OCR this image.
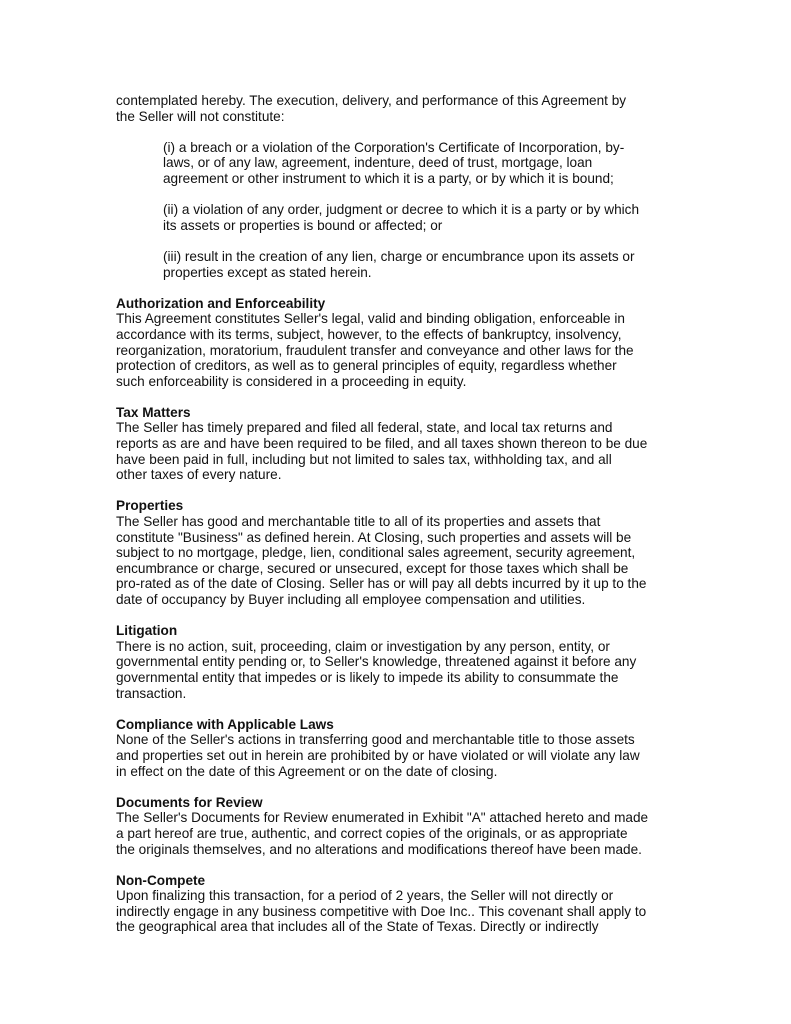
contemplated hereby. The execution, delivery, and performance of this Agreement by
the Seller will not constitute:

(i) a breach or a violation of the Corporation's Certificate of Incorporation, by-
laws, or of any law, agreement, indenture, deed of trust, mortgage, loan
agreement or other instrument to which it is a party, or by which it is bound;

(ii) a violation of any order, judgment or decree to which it is a party or by which
its assets or properties is bound or affected; or

(iii) result in the creation of any lien, charge or encumbrance upon its assets or
properties except as stated herein.

Authorization and Enforceability

This Agreement constitutes Seller's legal, valid and binding obligation, enforceable in
accordance with its terms, subject, however, to the effects of bankruptcy, insolvency,
reorganization, moratorium, fraudulent transfer and conveyance and other laws for the
protection of creditors, as well as to general principles of equity, regardless whether
such enforceability is considered in a proceeding in equity.

Tax Matters

The Seller has timely prepared and filed all federal, state, and local tax returns and
reports as are and have been required to be filed, and all taxes shown thereon to be due
have been paid in full, including but not limited to sales tax, withholding tax, and all
other taxes of every nature.

Properties

The Seller has good and merchantable title to all of its properties and assets that
constitute "Business" as defined herein. At Closing, such properties and assets will be
subject to no mortgage, pledge, lien, conditional sales agreement, security agreement,
encumbrance or charge, secured or unsecured, except for those taxes which shall be
pro-rated as of the date of Closing. Seller has or will pay all debts incurred by it up to the
date of occupancy by Buyer including all employee compensation and utilities.

Litigation

There is no action, suit, proceeding, claim or investigation by any person, entity, or
governmental entity pending or, to Seller's knowledge, threatened against it before any
governmental entity that impedes or is likely to impede its ability to consummate the
transaction.

Compliance with Applicable Laws

None of the Seller's actions in transferring good and merchantable title to those assets
and properties set out in herein are prohibited by or have violated or will violate any law
in effect on the date of this Agreement or on the date of closing.

Documents for Review

The Seller's Documents for Review enumerated in Exhibit "A" attached hereto and made
a part hereof are true, authentic, and correct copies of the originals, or as appropriate
the originals themselves, and no alterations and modifications thereof have been made.

Non-Compete

Upon finalizing this transaction, for a period of 2 years, the Seller will not directly or
indirectly engage in any business competitive with Doe Inc.. This covenant shall apply to
the geographical area that includes all of the State of Texas. Directly or indirectly
